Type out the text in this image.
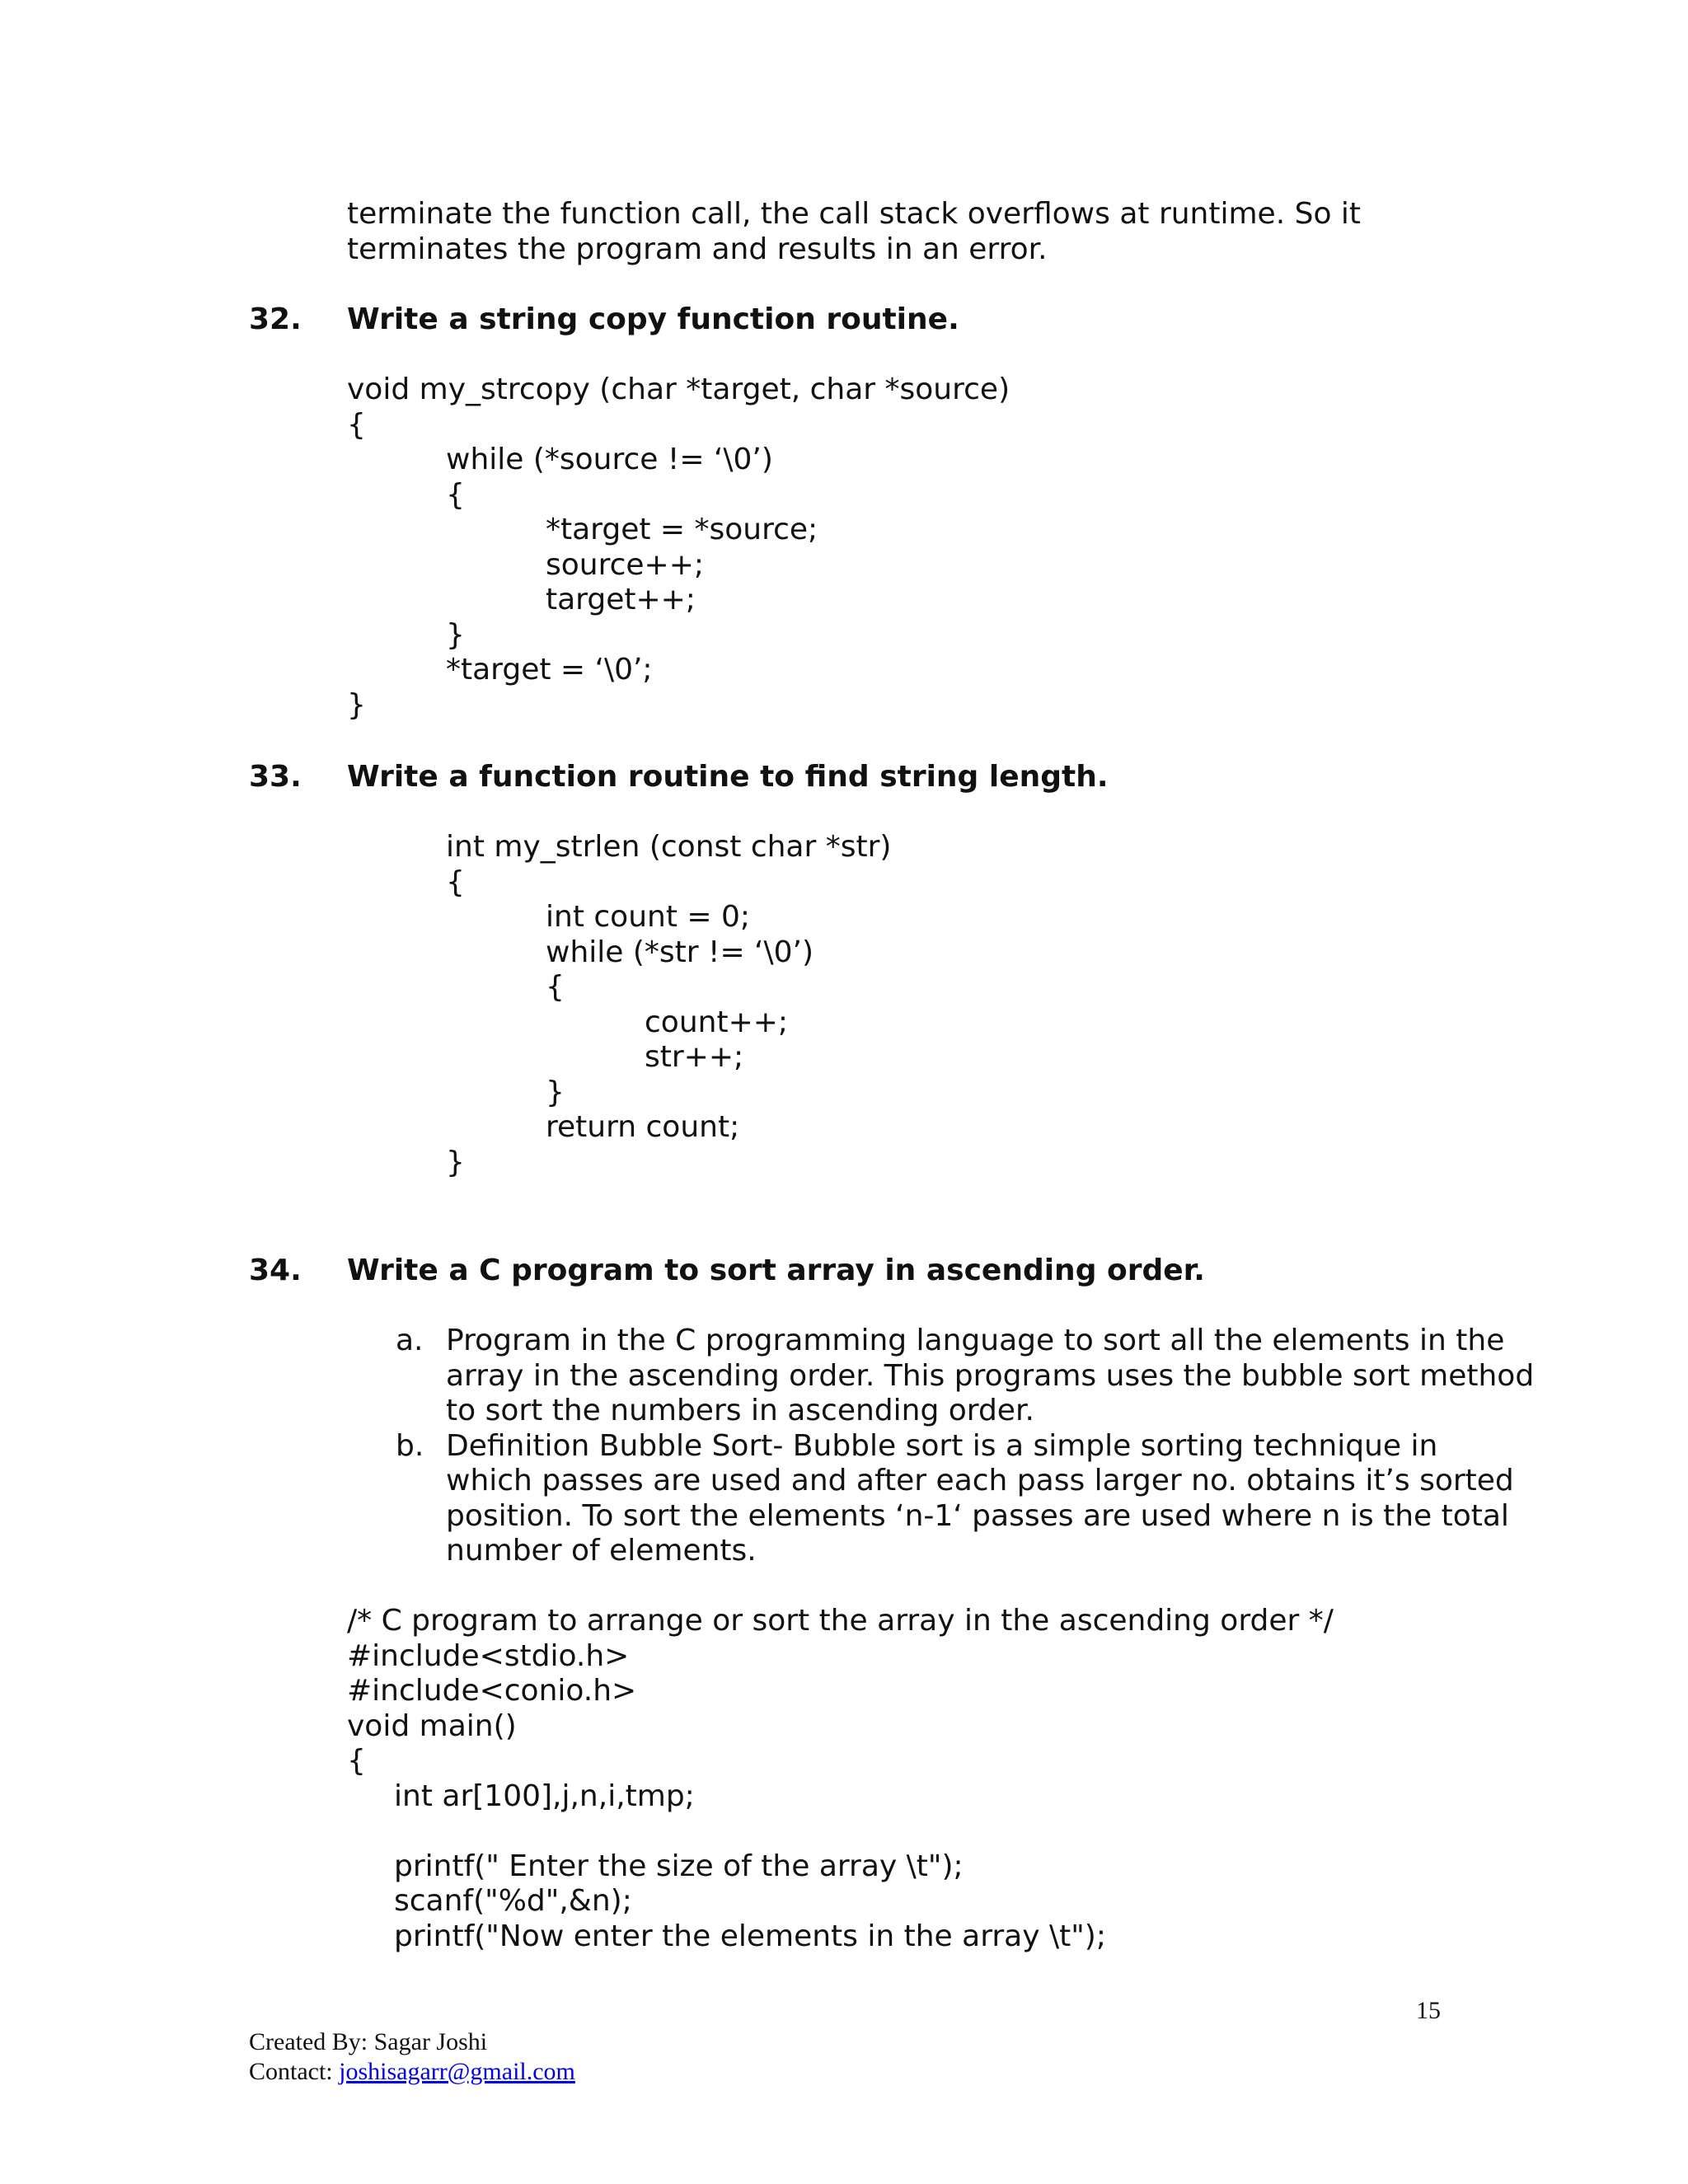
terminate the function call, the call stack overflows at runtime. So it
terminates the program and results in an error.
32. Write a string copy function routine.
void my_strcopy (char *target, char *source)
{
while (*source != ‘\0’)
{
*target = *source;
source++;
target++;
}
*target = ‘\0’;
}
33. Write a function routine to find string length.
int my_strlen (const char *str)
{
int count = 0;
while (*str != ‘\0’)
{
count++;
str++;
}
return count;
}
34. Write a C program to sort array in ascending order.
a. Program in the C programming language to sort all the elements in the
array in the ascending order. This programs uses the bubble sort method
to sort the numbers in ascending order.
b. Definition Bubble Sort- Bubble sort is a simple sorting technique in
which passes are used and after each pass larger no. obtains it’s sorted
position. To sort the elements ‘n-1‘ passes are used where n is the total
number of elements.
/* C program to arrange or sort the array in the ascending order */
#include<stdio.h>
#include<conio.h>
void main()
{
int ar[100],j,n,i,tmp;
printf(" Enter the size of the array \t");
scanf("%d",&n);
printf("Now enter the elements in the array \t");
15
Created By: Sagar Joshi
Contact: joshisagarr@gmail.com
